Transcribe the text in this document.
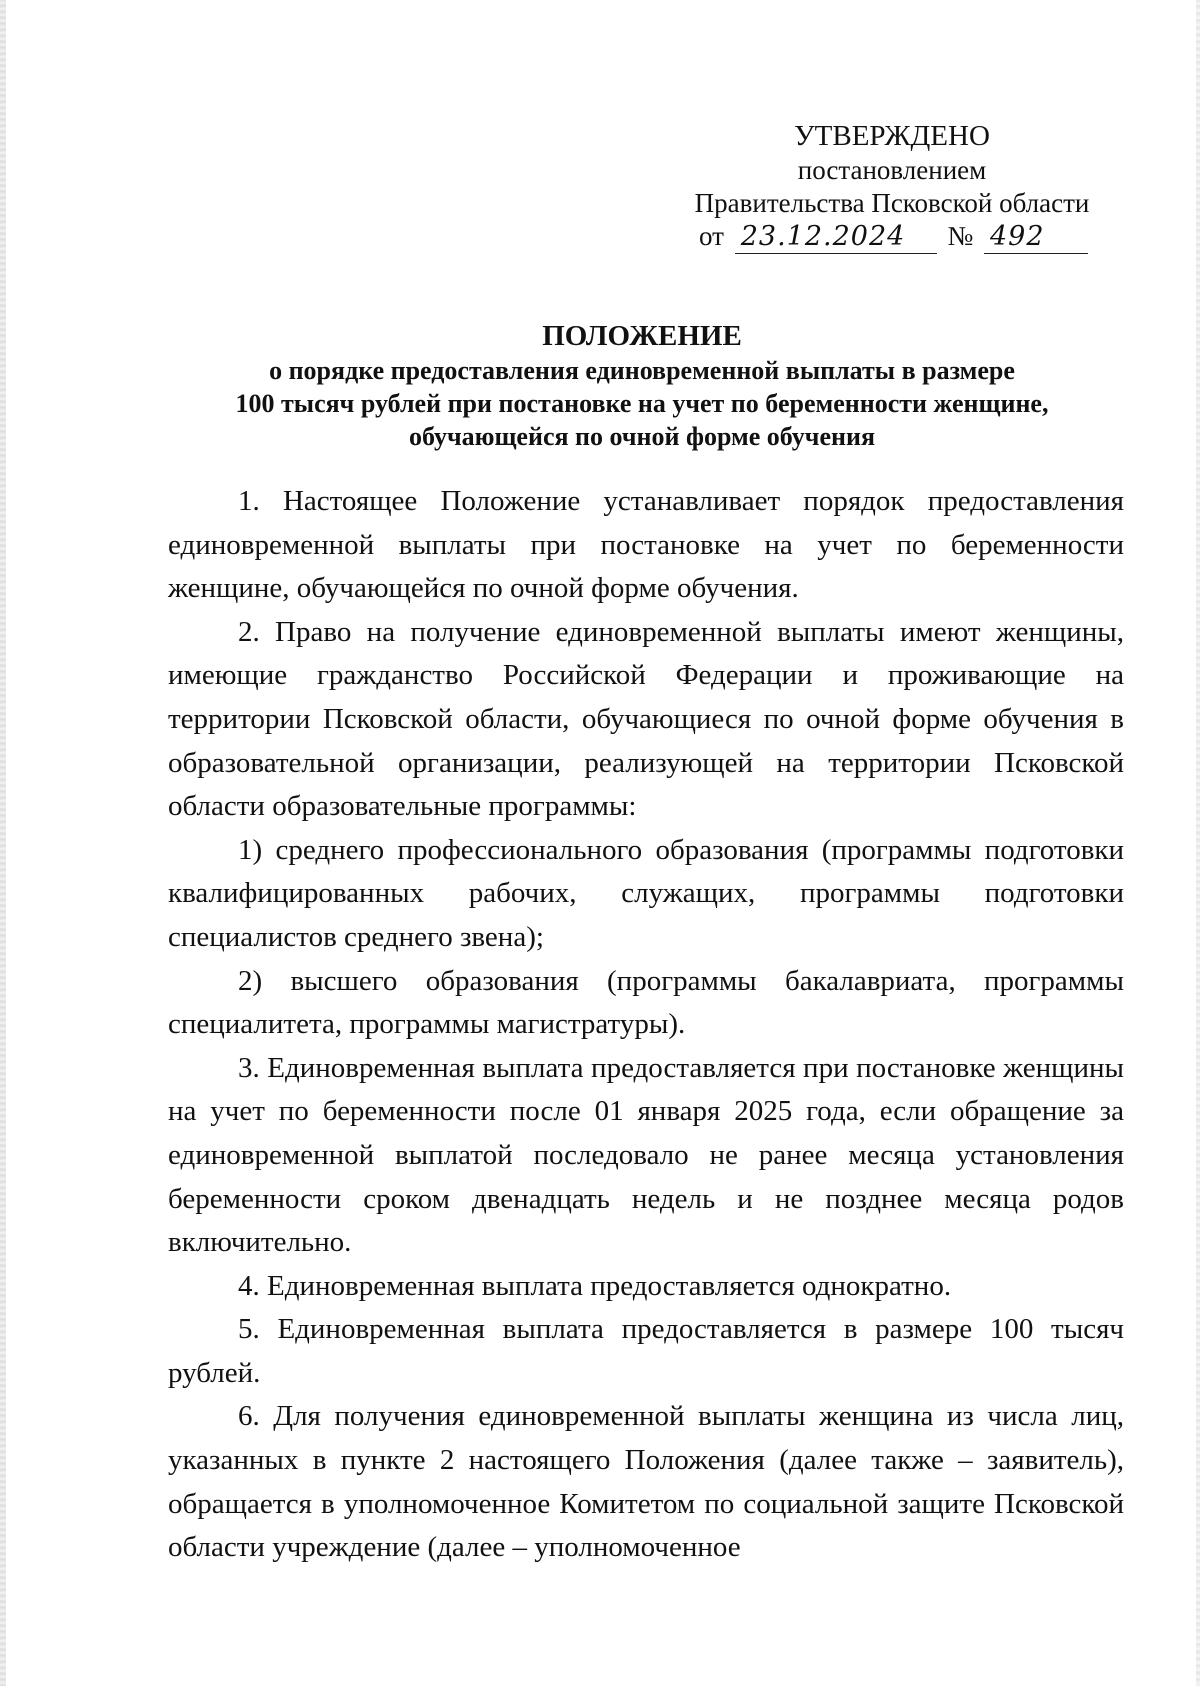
УТВЕРЖДЕНО
постановлением
Правительства Псковской области
от 23.12.2024 № 492
ПОЛОЖЕНИЕ
о порядке предоставления единовременной выплаты в размере
100 тысяч рублей при постановке на учет по беременности женщине,
обучающейся по очной форме обучения

1. Настоящее Положение устанавливает порядок предоставления единовременной выплаты при постановке на учет по беременности женщине, обучающейся по очной форме обучения.

2. Право на получение единовременной выплаты имеют женщины, имеющие гражданство Российской Федерации и проживающие на территории Псковской области, обучающиеся по очной форме обучения в образовательной организации, реализующей на территории Псковской области образовательные программы:

1) среднего профессионального образования (программы подготовки квалифицированных рабочих, служащих, программы подготовки специалистов среднего звена);

2) высшего образования (программы бакалавриата, программы специалитета, программы магистратуры).

3. Единовременная выплата предоставляется при постановке женщины на учет по беременности после 01 января 2025 года, если обращение за единовременной выплатой последовало не ранее месяца установления беременности сроком двенадцать недель и не позднее месяца родов включительно.

4. Единовременная выплата предоставляется однократно.

5. Единовременная выплата предоставляется в размере 100 тысяч рублей.

6. Для получения единовременной выплаты женщина из числа лиц, указанных в пункте 2 настоящего Положения (далее также – заявитель), обращается в уполномоченное Комитетом по социальной защите Псковской области учреждение (далее – уполномоченное
